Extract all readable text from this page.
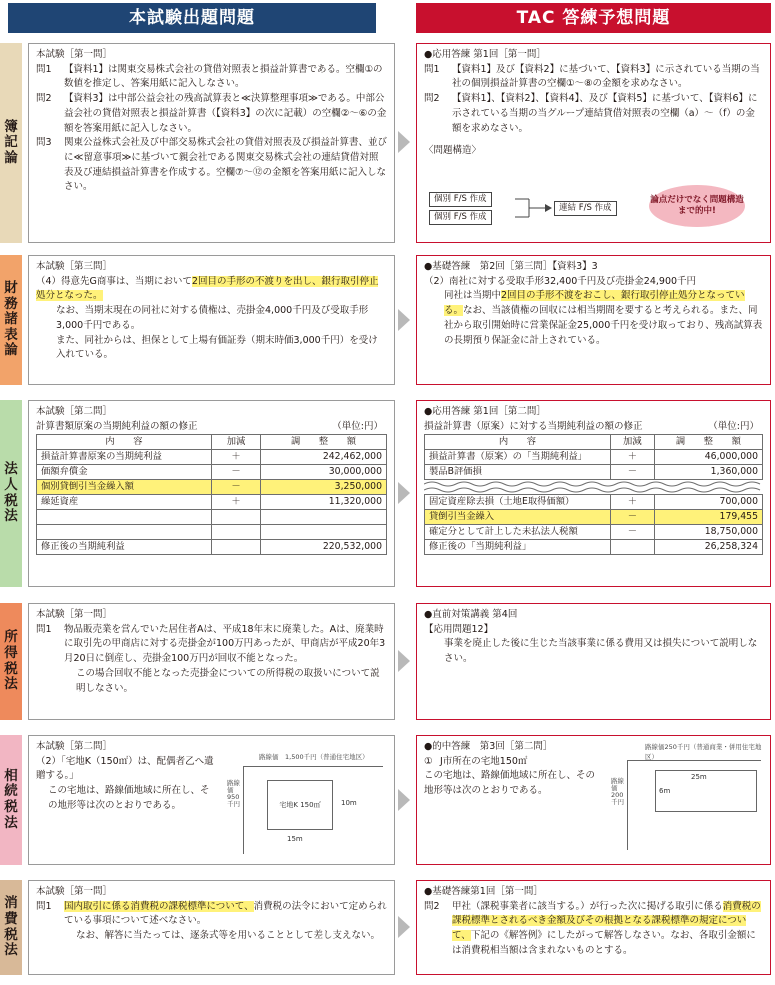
本試験出題問題	TAC 答練予想問題
簿
記
論

本試験［第一問］

問1	【資料1】は関東交易株式会社の貸借対照表と損益計算書である。空欄①の数値を推定し、答案用紙に記入しなさい。
問2	【資料3】は中部公益会社の残高試算表と≪決算整理事項≫である。中部公益会社の貸借対照表と損益計算書（【資料3】の次に記載）の空欄②〜⑥の金額を答案用紙に記入しなさい。
問3	関東公益株式会社及び中部交易株式会社の貸借対照表及び損益計算書、並びに≪留意事項≫に基づいて親会社である関東交易株式会社の連結貸借対照表及び連結損益計算書を作成する。空欄⑦〜⑫の金額を答案用紙に記入しなさい。

●応用答練 第1回［第一問］

問1	【資料1】及び【資料2】に基づいて、【資料3】に示されている当期の当社の個別損益計算書の空欄①〜⑧の金額を求めなさい。
問2	【資料1】、【資料2】、【資料4】、及び【資料5】に基づいて、【資料6】に示されている当期の当グループ連結貸借対照表の空欄（a）〜（f）の金額を求めなさい。

〈問題構造〉

個別 F/S 作成
個別 F/S 作成
連結 F/S 作成
論点だけでなく問題構造まで的中!
財
務
諸
表
論

本試験［第三問］

（4）得意先G商事は、当期において2回目の手形の不渡りを出し、銀行取引停止処分となった。

なお、当期末現在の同社に対する債権は、売掛金4,000千円及び受取手形3,000千円である。

また、同社からは、担保として上場有価証券（期末時価3,000千円）を受け入れている。

●基礎答練　第2回［第三問］【資料3】3

（2）南社に対する受取手形32,400千円及び売掛金24,900千円

同社は当期中2回目の手形不渡をおこし、銀行取引停止処分となっている。なお、当該債権の回収には相当期間を要すると考えられる。また、同社から取引開始時に営業保証金25,000千円を受け取っており、残高試算表の長期預り保証金に計上されている。

法
人
税
法

本試験［第二問］

計算書類原案の当期純利益の額の修正	（単位:円）

内　　容	加減	調　　整　　額
損益計算書原案の当期純利益	＋	242,462,000
価額弁償金	－	30,000,000
個別貸倒引当金繰入額	－	3,250,000
繰延資産	＋	11,320,000

修正後の当期純利益		220,532,000

●応用答練 第1回［第二問］

損益計算書（原案）に対する当期純利益の額の修正	（単位:円）

内　　容	加減	調　　整　　額
損益計算書（原案）の「当期純利益」	＋	46,000,000
製品B評価損	－	1,360,000
固定資産除去損（土地E取得価額）	＋	700,000
貸倒引当金繰入	－	179,455
確定分として計上した未払法人税額	－	18,750,000
修正後の「当期純利益」		26,258,324
所
得
税
法

本試験［第一問］

問1	物品販売業を営んでいた居住者Aは、平成18年末に廃業した。Aは、廃業時に取引先の甲商店に対する売掛金が100万円あったが、甲商店が平成20年3月20日に倒産し、売掛金100万円が回収不能となった。

この場合回収不能となった売掛金についての所得税の取扱いについて説明しなさい。

●直前対策講義 第4回

【応用問題12】

事業を廃止した後に生じた当該事業に係る費用又は損失について説明しなさい。

相
続
税
法

本試験［第二問］

（2）「宅地K（150㎡）は、配偶者乙へ遺贈する。」

この宅地は、路線価地域に所在し、その地形等は次のとおりである。

路線価　1,500千円（普通住宅地区）
路線価950千円	宅地K 150㎡	10m
15m

●的中答練　第3回［第二問］

① J市所在の宅地150㎡

この宅地は、路線価地域に所在し、その地形等は次のとおりである。

路線価250千円（普通商業・併用住宅地区）
路線価200千円
25m
6m
消
費
税
法

本試験［第一問］

問1	国内取引に係る消費税の課税標準について、消費税の法令において定められている事項について述べなさい。

なお、解答に当たっては、逐条式等を用いることとして差し支えない。

●基礎答練第1回［第一問］

問2	甲社（課税事業者に該当する。）が行った次に掲げる取引に係る消費税の課税標準とされるべき金額及びその根拠となる課税標準の規定について、下記の《解答例》にしたがって解答しなさい。なお、各取引金額には消費税相当額は含まれないものとする。
